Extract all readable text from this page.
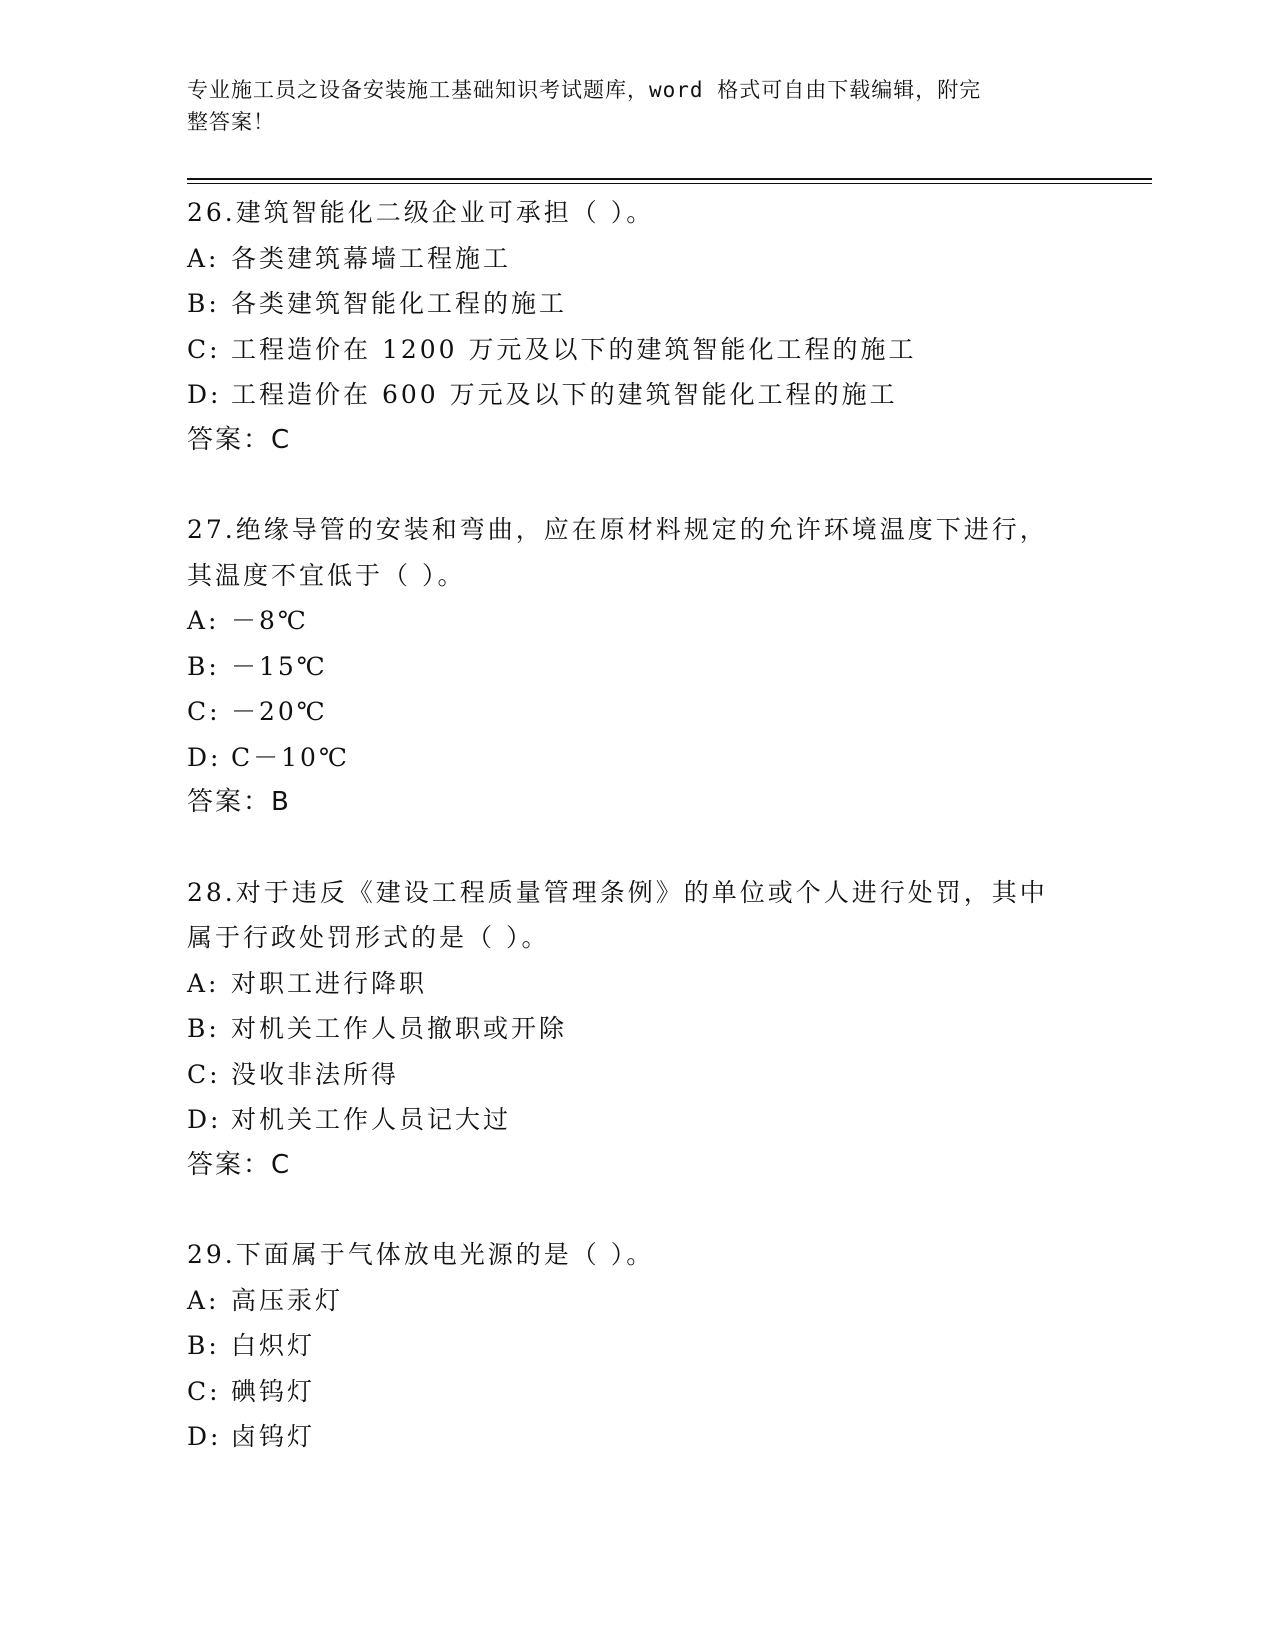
专业施工员之设备安装施工基础知识考试题库，word 格式可自由下载编辑，附完
整答案！
26.建筑智能化二级企业可承担（ ）。
A: 各类建筑幕墙工程施工
B: 各类建筑智能化工程的施工
C: 工程造价在 1200 万元及以下的建筑智能化工程的施工
D: 工程造价在 600 万元及以下的建筑智能化工程的施工
答案：C
27.绝缘导管的安装和弯曲，应在原材料规定的允许环境温度下进行，
其温度不宜低于（ ）。
A: －8℃
B: －15℃
C: －20℃
D: C－10℃
答案：B
28.对于违反《建设工程质量管理条例》的单位或个人进行处罚，其中
属于行政处罚形式的是（ ）。
A: 对职工进行降职
B: 对机关工作人员撤职或开除
C: 没收非法所得
D: 对机关工作人员记大过
答案：C
29.下面属于气体放电光源的是（ ）。
A: 高压汞灯
B: 白炽灯
C: 碘钨灯
D: 卤钨灯
